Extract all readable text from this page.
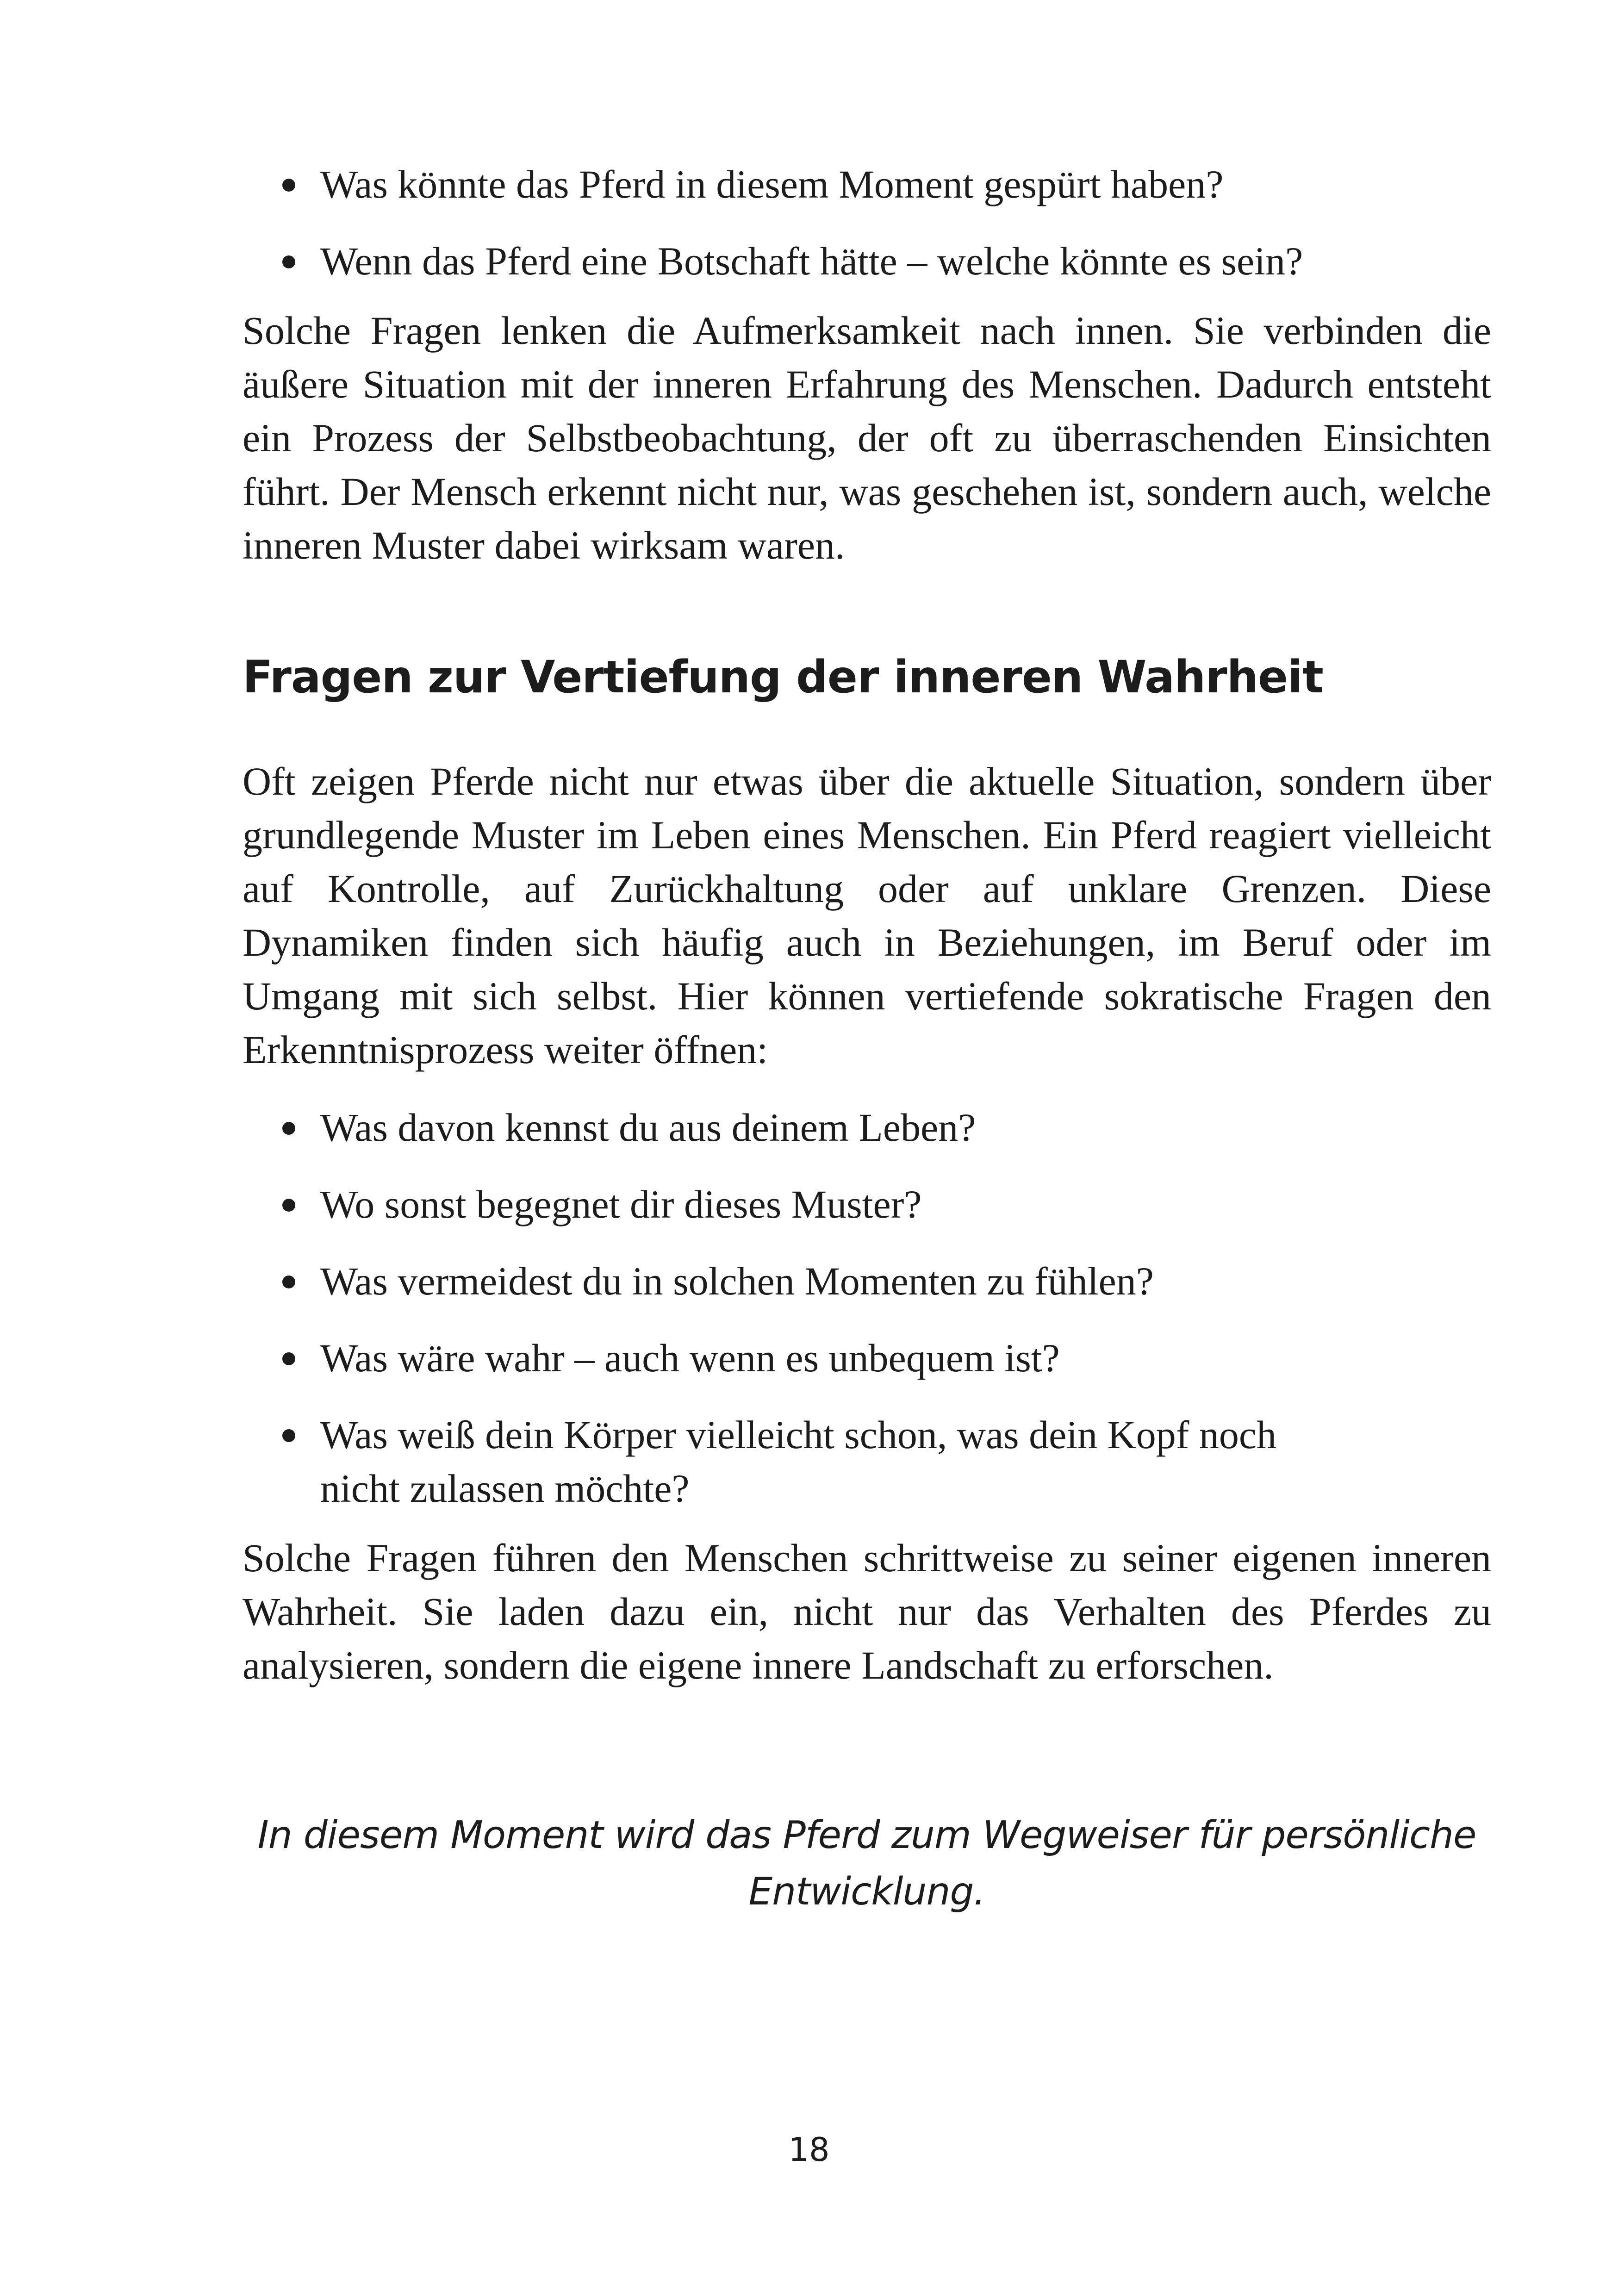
Was könnte das Pferd in diesem Moment gespürt haben?
Wenn das Pferd eine Botschaft hätte – welche könnte es sein?

Solche Fragen lenken die Aufmerksamkeit nach innen. Sie verbinden die äußere Situation mit der inneren Erfahrung des Menschen. Dadurch entsteht ein Prozess der Selbstbeobachtung, der oft zu überraschenden Einsichten führt. Der Mensch erkennt nicht nur, was geschehen ist, sondern auch, welche inneren Muster dabei wirksam waren.

Fragen zur Vertiefung der inneren Wahrheit

Oft zeigen Pferde nicht nur etwas über die aktuelle Situation, sondern über grundlegende Muster im Leben eines Menschen. Ein Pferd reagiert vielleicht auf Kontrolle, auf Zurückhaltung oder auf unklare Grenzen. Diese Dynamiken finden sich häufig auch in Beziehungen, im Beruf oder im Umgang mit sich selbst. Hier können vertiefende sokratische Fragen den Erkenntnisprozess weiter öffnen:

Was davon kennst du aus deinem Leben?
Wo sonst begegnet dir dieses Muster?
Was vermeidest du in solchen Momenten zu fühlen?
Was wäre wahr – auch wenn es unbequem ist?
Was weiß dein Körper vielleicht schon, was dein Kopf noch nicht zulassen möchte?

Solche Fragen führen den Menschen schrittweise zu seiner eigenen inneren Wahrheit. Sie laden dazu ein, nicht nur das Verhalten des Pferdes zu analysieren, sondern die eigene innere Landschaft zu erforschen.

In diesem Moment wird das Pferd zum Wegweiser für persönliche Entwicklung.
18
